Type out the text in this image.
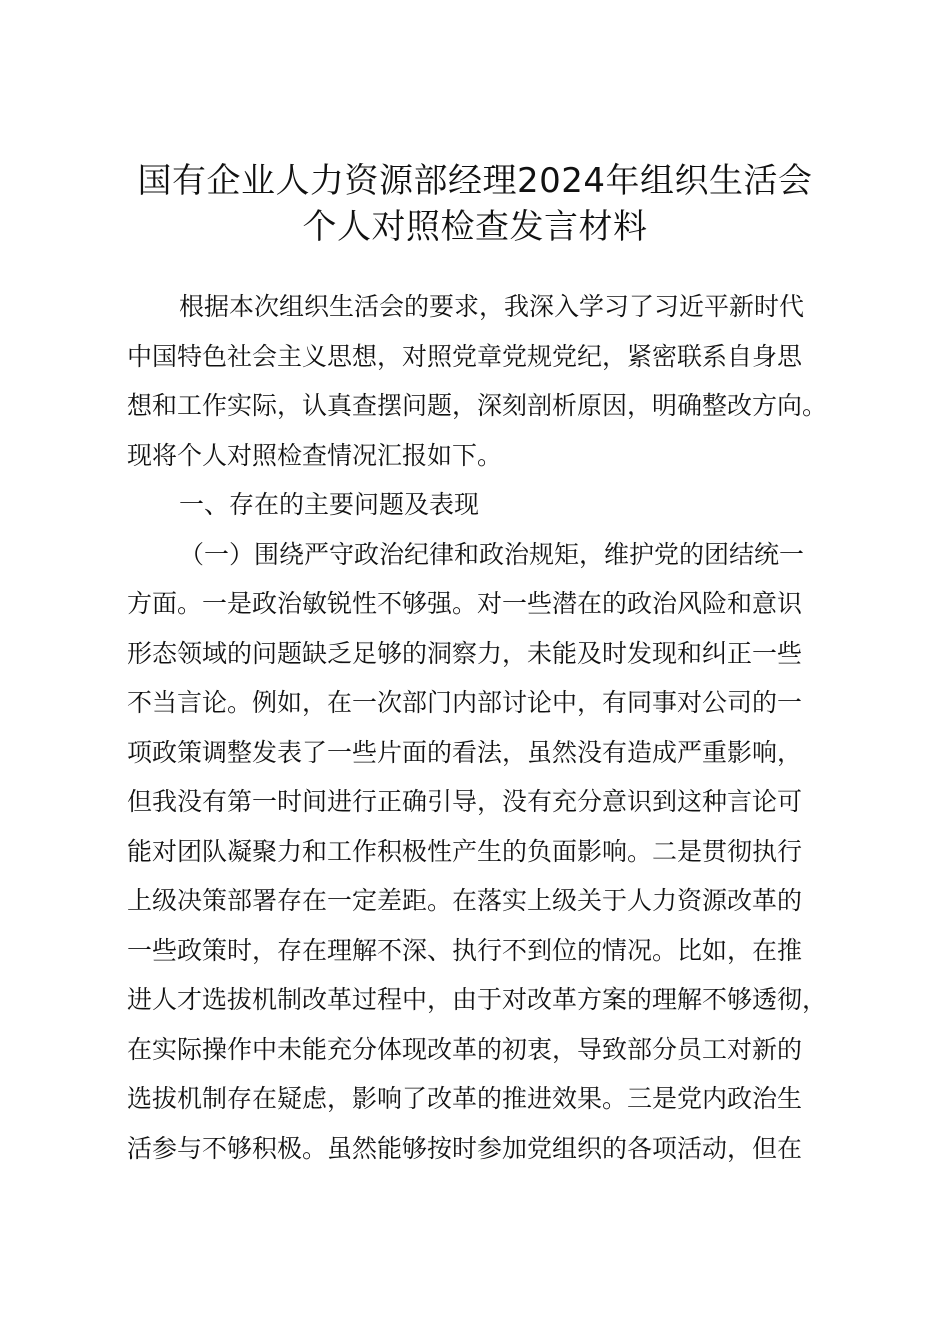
国有企业人力资源部经理2024年组织生活会
个人对照检查发言材料
根据本次组织生活会的要求，我深入学习了习近平新时代
中国特色社会主义思想，对照党章党规党纪，紧密联系自身思
想和工作实际，认真查摆问题，深刻剖析原因，明确整改方向。
现将个人对照检查情况汇报如下。
一、存在的主要问题及表现
（一）围绕严守政治纪律和政治规矩，维护党的团结统一
方面。一是政治敏锐性不够强。对一些潜在的政治风险和意识
形态领域的问题缺乏足够的洞察力，未能及时发现和纠正一些
不当言论。例如，在一次部门内部讨论中，有同事对公司的一
项政策调整发表了一些片面的看法，虽然没有造成严重影响，
但我没有第一时间进行正确引导，没有充分意识到这种言论可
能对团队凝聚力和工作积极性产生的负面影响。二是贯彻执行
上级决策部署存在一定差距。在落实上级关于人力资源改革的
一些政策时，存在理解不深、执行不到位的情况。比如，在推
进人才选拔机制改革过程中，由于对改革方案的理解不够透彻，
在实际操作中未能充分体现改革的初衷，导致部分员工对新的
选拔机制存在疑虑，影响了改革的推进效果。三是党内政治生
活参与不够积极。虽然能够按时参加党组织的各项活动，但在
